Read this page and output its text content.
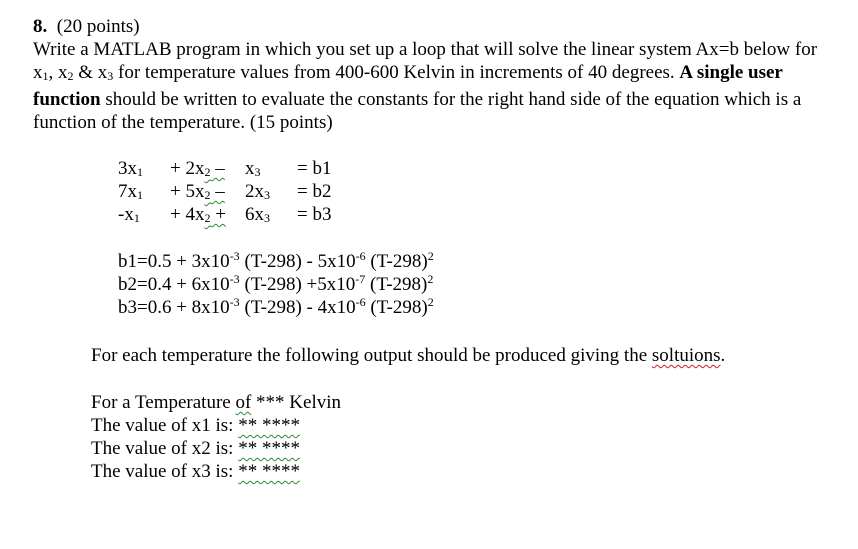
8. (20 points)

Write a MATLAB program in which you set up a loop that will solve the linear system Ax=b below for $x_1$, $x_2$ & $x_3$ for temperature values from 400-600 Kelvin in increments of 40 degrees. A single user function should be written to evaluate the constants for the right hand side of the equation which is a function of the temperature. (15 points)

$3x_1 + 2x_2 - x_3 = b1$
$7x_1 + 5x_2 - 2x_3 = b2$
$-x_1 + 4x_2 + 6x_3 = b3$
$b1=0.5 + 3x10^{-3}$ $(T-298) - 5x10^{-6}$ $(T-298)^2$
$b2=0.4 + 6x10^{-3}$ $(T-298) +5x10^{-7}$ $(T-298)^2$
$b3=0.6 + 8x10^{-3}$ $(T-298) - 4x10^{-6}$ $(T-298)^2$
For each temperature the following output should be produced giving the soltuions.
For a Temperature of *** Kelvin
The value of x1 is: ** ****
The value of x2 is: ** ****
The value of x3 is: ** ****
